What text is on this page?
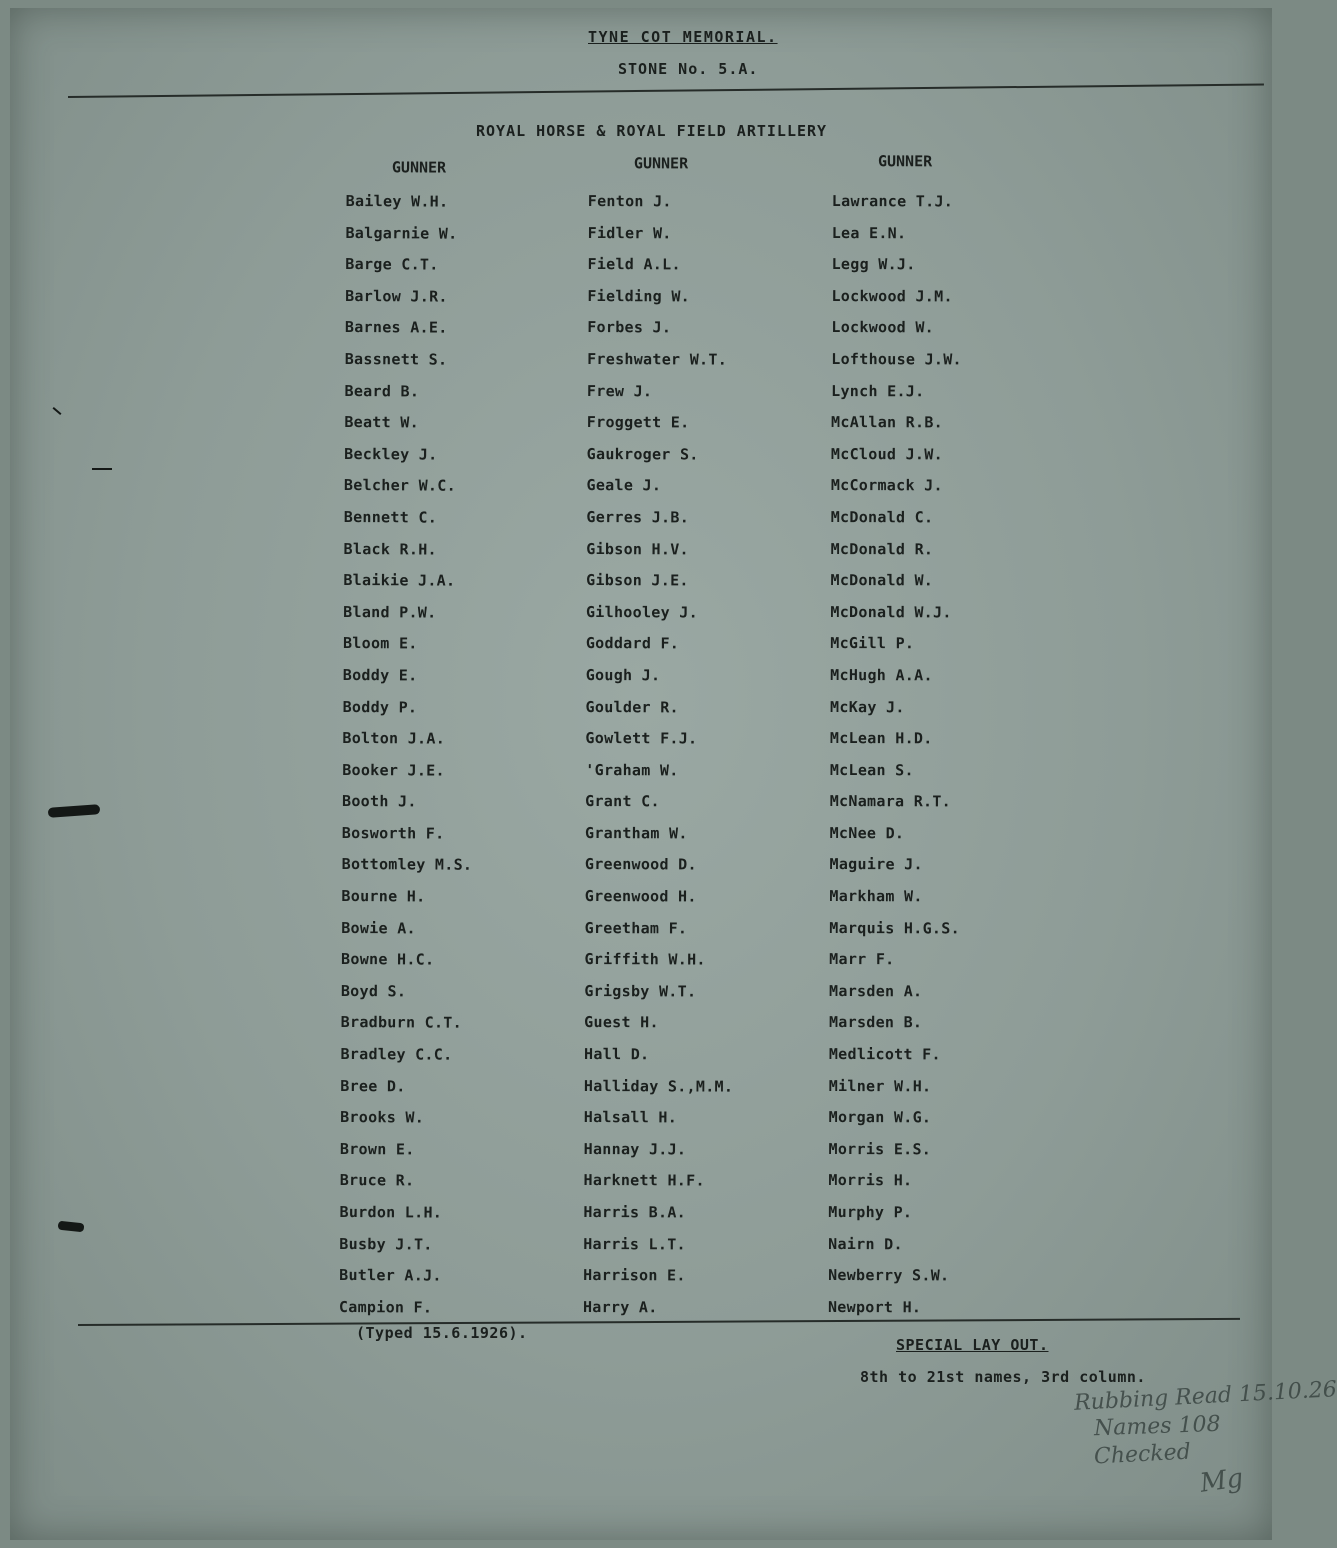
TYNE COT MEMORIAL.
STONE No. 5.A.
ROYAL HORSE & ROYAL FIELD ARTILLERY
GUNNER
Bailey W.H.
Balgarnie W.
Barge C.T.
Barlow J.R.
Barnes A.E.
Bassnett S.
Beard B.
Beatt W.
Beckley J.
Belcher W.C.
Bennett C.
Black R.H.
Blaikie J.A.
Bland P.W.
Bloom E.
Boddy E.
Boddy P.
Bolton J.A.
Booker J.E.
Booth J.
Bosworth F.
Bottomley M.S.
Bourne H.
Bowie A.
Bowne H.C.
Boyd S.
Bradburn C.T.
Bradley C.C.
Bree D.
Brooks W.
Brown E.
Bruce R.
Burdon L.H.
Busby J.T.
Butler A.J.
Campion F.
GUNNER
Fenton J.
Fidler W.
Field A.L.
Fielding W.
Forbes J.
Freshwater W.T.
Frew J.
Froggett E.
Gaukroger S.
Geale J.
Gerres J.B.
Gibson H.V.
Gibson J.E.
Gilhooley J.
Goddard F.
Gough J.
Goulder R.
Gowlett F.J.
'Graham W.
Grant C.
Grantham W.
Greenwood D.
Greenwood H.
Greetham F.
Griffith W.H.
Grigsby W.T.
Guest H.
Hall D.
Halliday S.,M.M.
Halsall H.
Hannay J.J.
Harknett H.F.
Harris B.A.
Harris L.T.
Harrison E.
Harry A.
GUNNER
Lawrance T.J.
Lea E.N.
Legg W.J.
Lockwood J.M.
Lockwood W.
Lofthouse J.W.
Lynch E.J.
McAllan R.B.
McCloud J.W.
McCormack J.
McDonald C.
McDonald R.
McDonald W.
McDonald W.J.
McGill P.
McHugh A.A.
McKay J.
McLean H.D.
McLean S.
McNamara R.T.
McNee D.
Maguire J.
Markham W.
Marquis H.G.S.
Marr F.
Marsden A.
Marsden B.
Medlicott F.
Milner W.H.
Morgan W.G.
Morris E.S.
Morris H.
Murphy P.
Nairn D.
Newberry S.W.
Newport H.
(Typed 15.6.1926).
SPECIAL LAY OUT.
8th to 21st names, 3rd column.
Rubbing Read 15.10.26
Names 108
Checked
Mg
